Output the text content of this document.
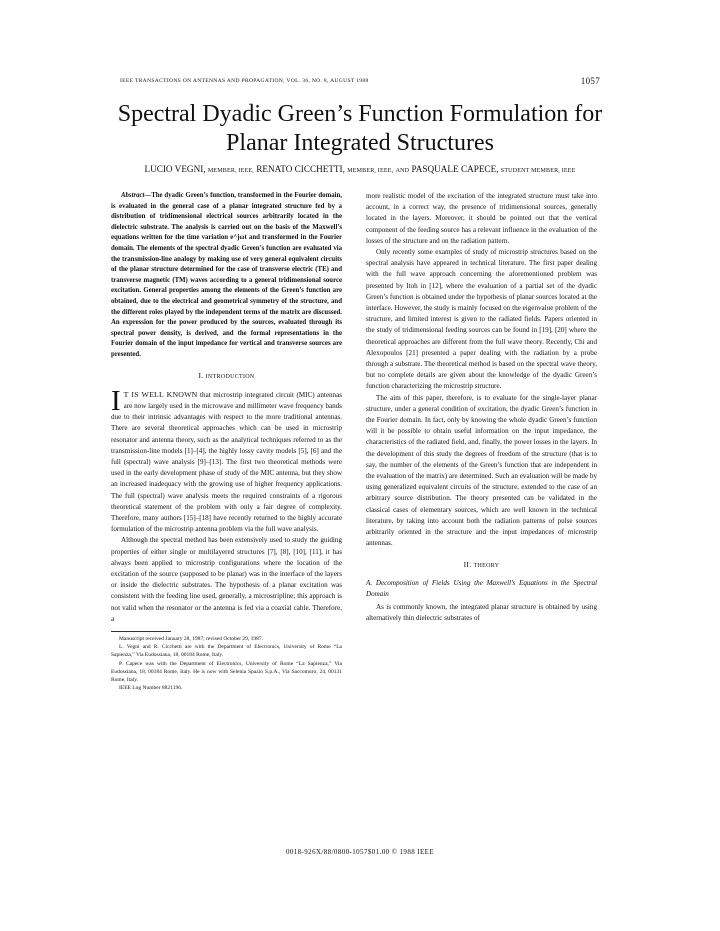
IEEE TRANSACTIONS ON ANTENNAS AND PROPAGATION, VOL. 36, NO. 8, AUGUST 1988	1057
Spectral Dyadic Green’s Function Formulation for
Planar Integrated Structures
LUCIO VEGNI, MEMBER, IEEE, RENATO CICCHETTI, MEMBER, IEEE, AND PASQUALE CAPECE, STUDENT MEMBER, IEEE

Abstract—The dyadic Green’s function, transformed in the Fourier domain, is evaluated in the general case of a planar integrated structure fed by a distribution of tridimensional electrical sources arbitrarily located in the dielectric substrate. The analysis is carried out on the basis of the Maxwell’s equations written for the time variation e^jωt and transformed in the Fourier domain. The elements of the spectral dyadic Green’s function are evaluated via the transmission-line analogy by making use of very general equivalent circuits of the planar structure determined for the case of transverse electric (TE) and transverse magnetic (TM) waves according to a general tridimensional source excitation. General properties among the elements of the Green’s function are obtained, due to the electrical and geometrical symmetry of the structure, and the different roles played by the independent terms of the matrix are discussed. An expression for the power produced by the sources, evaluated through its spectral power density, is derived, and the formal representations in the Fourier domain of the input impedance for vertical and transverse sources are presented.

I. INTRODUCTION

I T IS WELL KNOWN that microstrip integrated circuit (MIC) antennas are now largely used in the microwave and millimeter wave frequency bands due to their intrinsic advantages with respect to the more traditional antennas. There are several theoretical approaches which can be used in microstrip resonator and antenna theory, such as the analytical techniques referred to as the transmission-line models [1]–[4], the highly lossy cavity models [5], [6] and the full (spectral) wave analysis [9]–[13]. The first two theoretical methods were used in the early development phase of study of the MIC antenna, but they show an increased inadequacy with the growing use of higher frequency applications. The full (spectral) wave analysis meets the required constraints of a rigorous theoretical statement of the problem with only a fair degree of complexity. Therefore, many authors [15]–[18] have recently returned to the highly accurate formulation of the microstrip antenna problem via the full wave analysis.

Although the spectral method has been extensively used to study the guiding properties of either single or multilayered structures [7], [8], [10], [11], it has always been applied to microstrip configurations where the location of the excitation of the source (supposed to be planar) was in the interface of the layers or inside the dielectric substrates. The hypothesis of a planar excitation was consistent with the feeding line used, generally, a microstripline; this approach is not valid when the resonator or the antenna is fed via a coaxial cable. Therefore, a

Manuscript received January 28, 1987; revised October 29, 1987.

L. Vegni and R. Cicchetti are with the Department of Electronics, University of Rome “La Sapienza,” Via Eudossiana, 18, 00184 Rome, Italy.

P. Capece was with the Department of Electronics, University of Rome “La Sapienza,” Via Eudossiana, 18, 00184 Rome, Italy. He is now with Selenia Spazio S.p.A., Via Saccomuro, 24, 00131 Rome, Italy.

IEEE Log Number 8821196.

more realistic model of the excitation of the integrated structure must take into account, in a correct way, the presence of tridimensional sources, generally located in the layers. Moreover, it should be pointed out that the vertical component of the feeding source has a relevant influence in the evaluation of the losses of the structure and on the radiation pattern.

Only recently some examples of study of microstrip structures based on the spectral analysis have appeared in technical literature. The first paper dealing with the full wave approach concerning the aforementioned problem was presented by Itoh in [12], where the evaluation of a partial set of the dyadic Green’s function is obtained under the hypothesis of planar sources located at the interface. However, the study is mainly focused on the eigenvalue problem of the structure, and limited interest is given to the radiated fields. Papers oriented in the study of tridimensional feeding sources can be found in [19], [20] where the theoretical approaches are different from the full wave theory. Recently, Chi and Alexopoulos [21] presented a paper dealing with the radiation by a probe through a substrate. The theoretical method is based on the spectral wave theory, but no complete details are given about the knowledge of the dyadic Green’s function characterizing the microstrip structure.

The aim of this paper, therefore, is to evaluate for the single-layer planar structure, under a general condition of excitation, the dyadic Green’s function in the Fourier domain. In fact, only by knowing the whole dyadic Green’s function will it be possible to obtain useful information on the input impedance, the characteristics of the radiated field, and, finally, the power losses in the layers. In the development of this study the degrees of freedom of the structure (that is to say, the number of the elements of the Green’s function that are independent in the evaluation of the matrix) are determined. Such an evaluation will be made by using generalized equivalent circuits of the structure, extended to the case of an arbitrary source distribution. The theory presented can be validated in the classical cases of elementary sources, which are well known in the technical literature, by taking into account both the radiation patterns of pulse sources arbitrarily oriented in the structure and the input impedances of microstrip antennas.

II. THEORY

A. Decomposition of Fields Using the Maxwell’s Equations in the Spectral Domain

As is commonly known, the integrated planar structure is obtained by using alternatively thin dielectric substrates of

0018-926X/88/0800-1057$01.00 © 1988 IEEE
